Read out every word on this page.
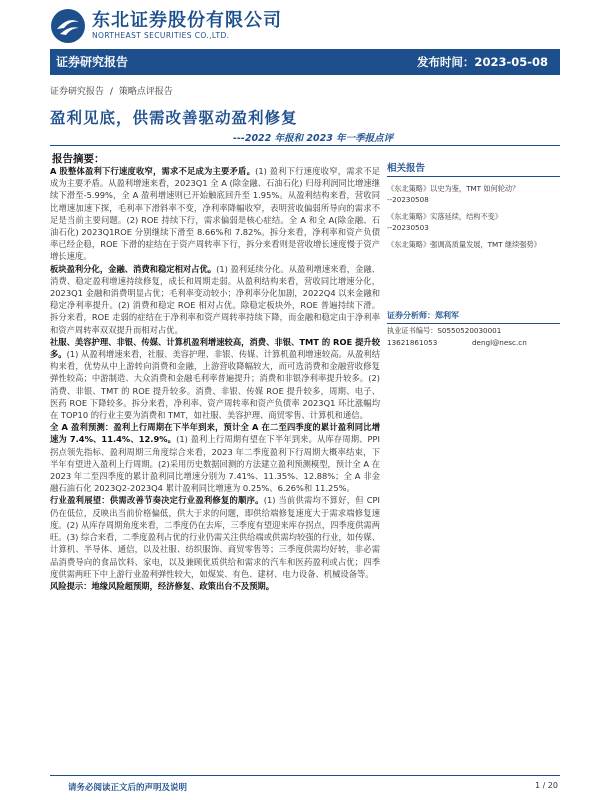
东北证券股份有限公司
NORTHEAST SECURITIES CO.,LTD.
证券研究报告	发布时间：2023-05-08
证券研究报告 / 策略点评报告
盈利见底，供需改善驱动盈利修复
---2022 年报和 2023 年一季报点评
报告摘要：

A 股整体盈利下行速度收窄，需求不足成为主要矛盾。(1) 盈利下行速度收窄，需求不足成为主要矛盾。从盈利增速来看，2023Q1 全 A (除金融、石油石化) 归母利润同比增速继续下滑至-5.99%，全 A 盈利增速则已开始触底回升至 1.95%。从盈利结构来看，营收同比增速加速下探，毛利率下滑斜率不变，净利率降幅收窄，表明营收偏弱所导向的需求不足是当前主要问题。(2) ROE 持续下行，需求偏弱是核心症结。全 A 和全 A(除金融、石油石化) 2023Q1ROE 分别继续下滑至 8.66%和 7.82%。拆分来看，净利率和资产负债率已经企稳，ROE 下滑的症结在于资产周转率下行，拆分来看则是营收增长速度慢于资产增长速度。

板块盈利分化，金融、消费和稳定相对占优。(1) 盈利延续分化。从盈利增速来看，金融、消费、稳定盈利增速持续修复，成长和周期走弱。从盈利结构来看，营收同比增速分化，2023Q1 金融和消费明显占优；毛利率变动较小；净利率分化加剧，2022Q4 以来金融和稳定净利率提升。(2) 消费和稳定 ROE 相对占优。除稳定板块外，ROE 普遍持续下滑。拆分来看，ROE 走弱的症结在于净利率和资产周转率持续下降，而金融和稳定由于净利率和资产周转率双双提升而相对占优。

社服、美容护理、非银、传媒、计算机盈利增速较高，消费、非银、TMT 的 ROE 提升较多。(1) 从盈利增速来看，社服、美容护理、非银、传媒、计算机盈利增速较高。从盈利结构来看，优势从中上游转向消费和金融，上游营收降幅较大，而可选消费和金融营收修复弹性较高；中游制造、大众消费和金融毛利率普遍提升；消费和非银净利率提升较多。(2) 消费、非银、TMT 的 ROE 提升较多。消费、非银、传媒 ROE 提升较多，周期、电子、医药 ROE 下降较多。拆分来看，净利率、资产周转率和资产负债率 2023Q1 环比涨幅均在 TOP10 的行业主要为消费和 TMT，如社服、美容护理、商贸零售、计算机和通信。

全 A 盈利预测：盈利上行周期在下半年到来，预计全 A 在二至四季度的累计盈利同比增速为 7.4%、11.4%、12.9%。(1) 盈利上行周期有望在下半年到来。从库存周期、PPI 拐点领先指标、盈利周期三角度综合来看，2023 年二季度盈利下行周期大概率结束，下半年有望进入盈利上行周期。(2)采用历史数据回测的方法建立盈利预测模型，预计全 A 在 2023 年二至四季度的累计盈利同比增速分别为 7.41%、11.35%、12.88%；全 A 非金融石油石化 2023Q2-2023Q4 累计盈利同比增速为 0.25%、6.26%和 11.25%。

行业盈利展望：供需改善节奏决定行业盈利修复的顺序。(1) 当前供需均不算好，但 CPI 仍在低位，反映出当前价格偏低，供大于求的问题，即供给端修复速度大于需求端修复速度。(2) 从库存周期角度来看，二季度仍在去库，三季度有望迎来库存拐点，四季度供需两旺。(3) 综合来看，二季度盈利占优的行业仍需关注供给端或供需均较强的行业，如传媒、计算机、半导体、通信，以及社服、纺织服饰、商贸零售等；三季度供需均好转，非必需品消费导向的食品饮料、家电，以及兼顾优质供给和需求的汽车和医药盈利或占优；四季度供需两旺下中上游行业盈利弹性较大，如煤炭、有色、建材、电力设备、机械设备等。

风险提示：地缘风险超预期，经济修复、政策出台不及预期。

相关报告
《东北策略》以史为鉴，TMT 如何轮动？
--20230508
《东北策略》实落延续，结构不变》
--20230503
《东北策略》强调高质量发展，TMT 继续强势》
证券分析师：郑利军
执业证书编号：S0550520030001
13621861053	dengl@nesc.cn
请务必阅读正文后的声明及说明	1 / 20
